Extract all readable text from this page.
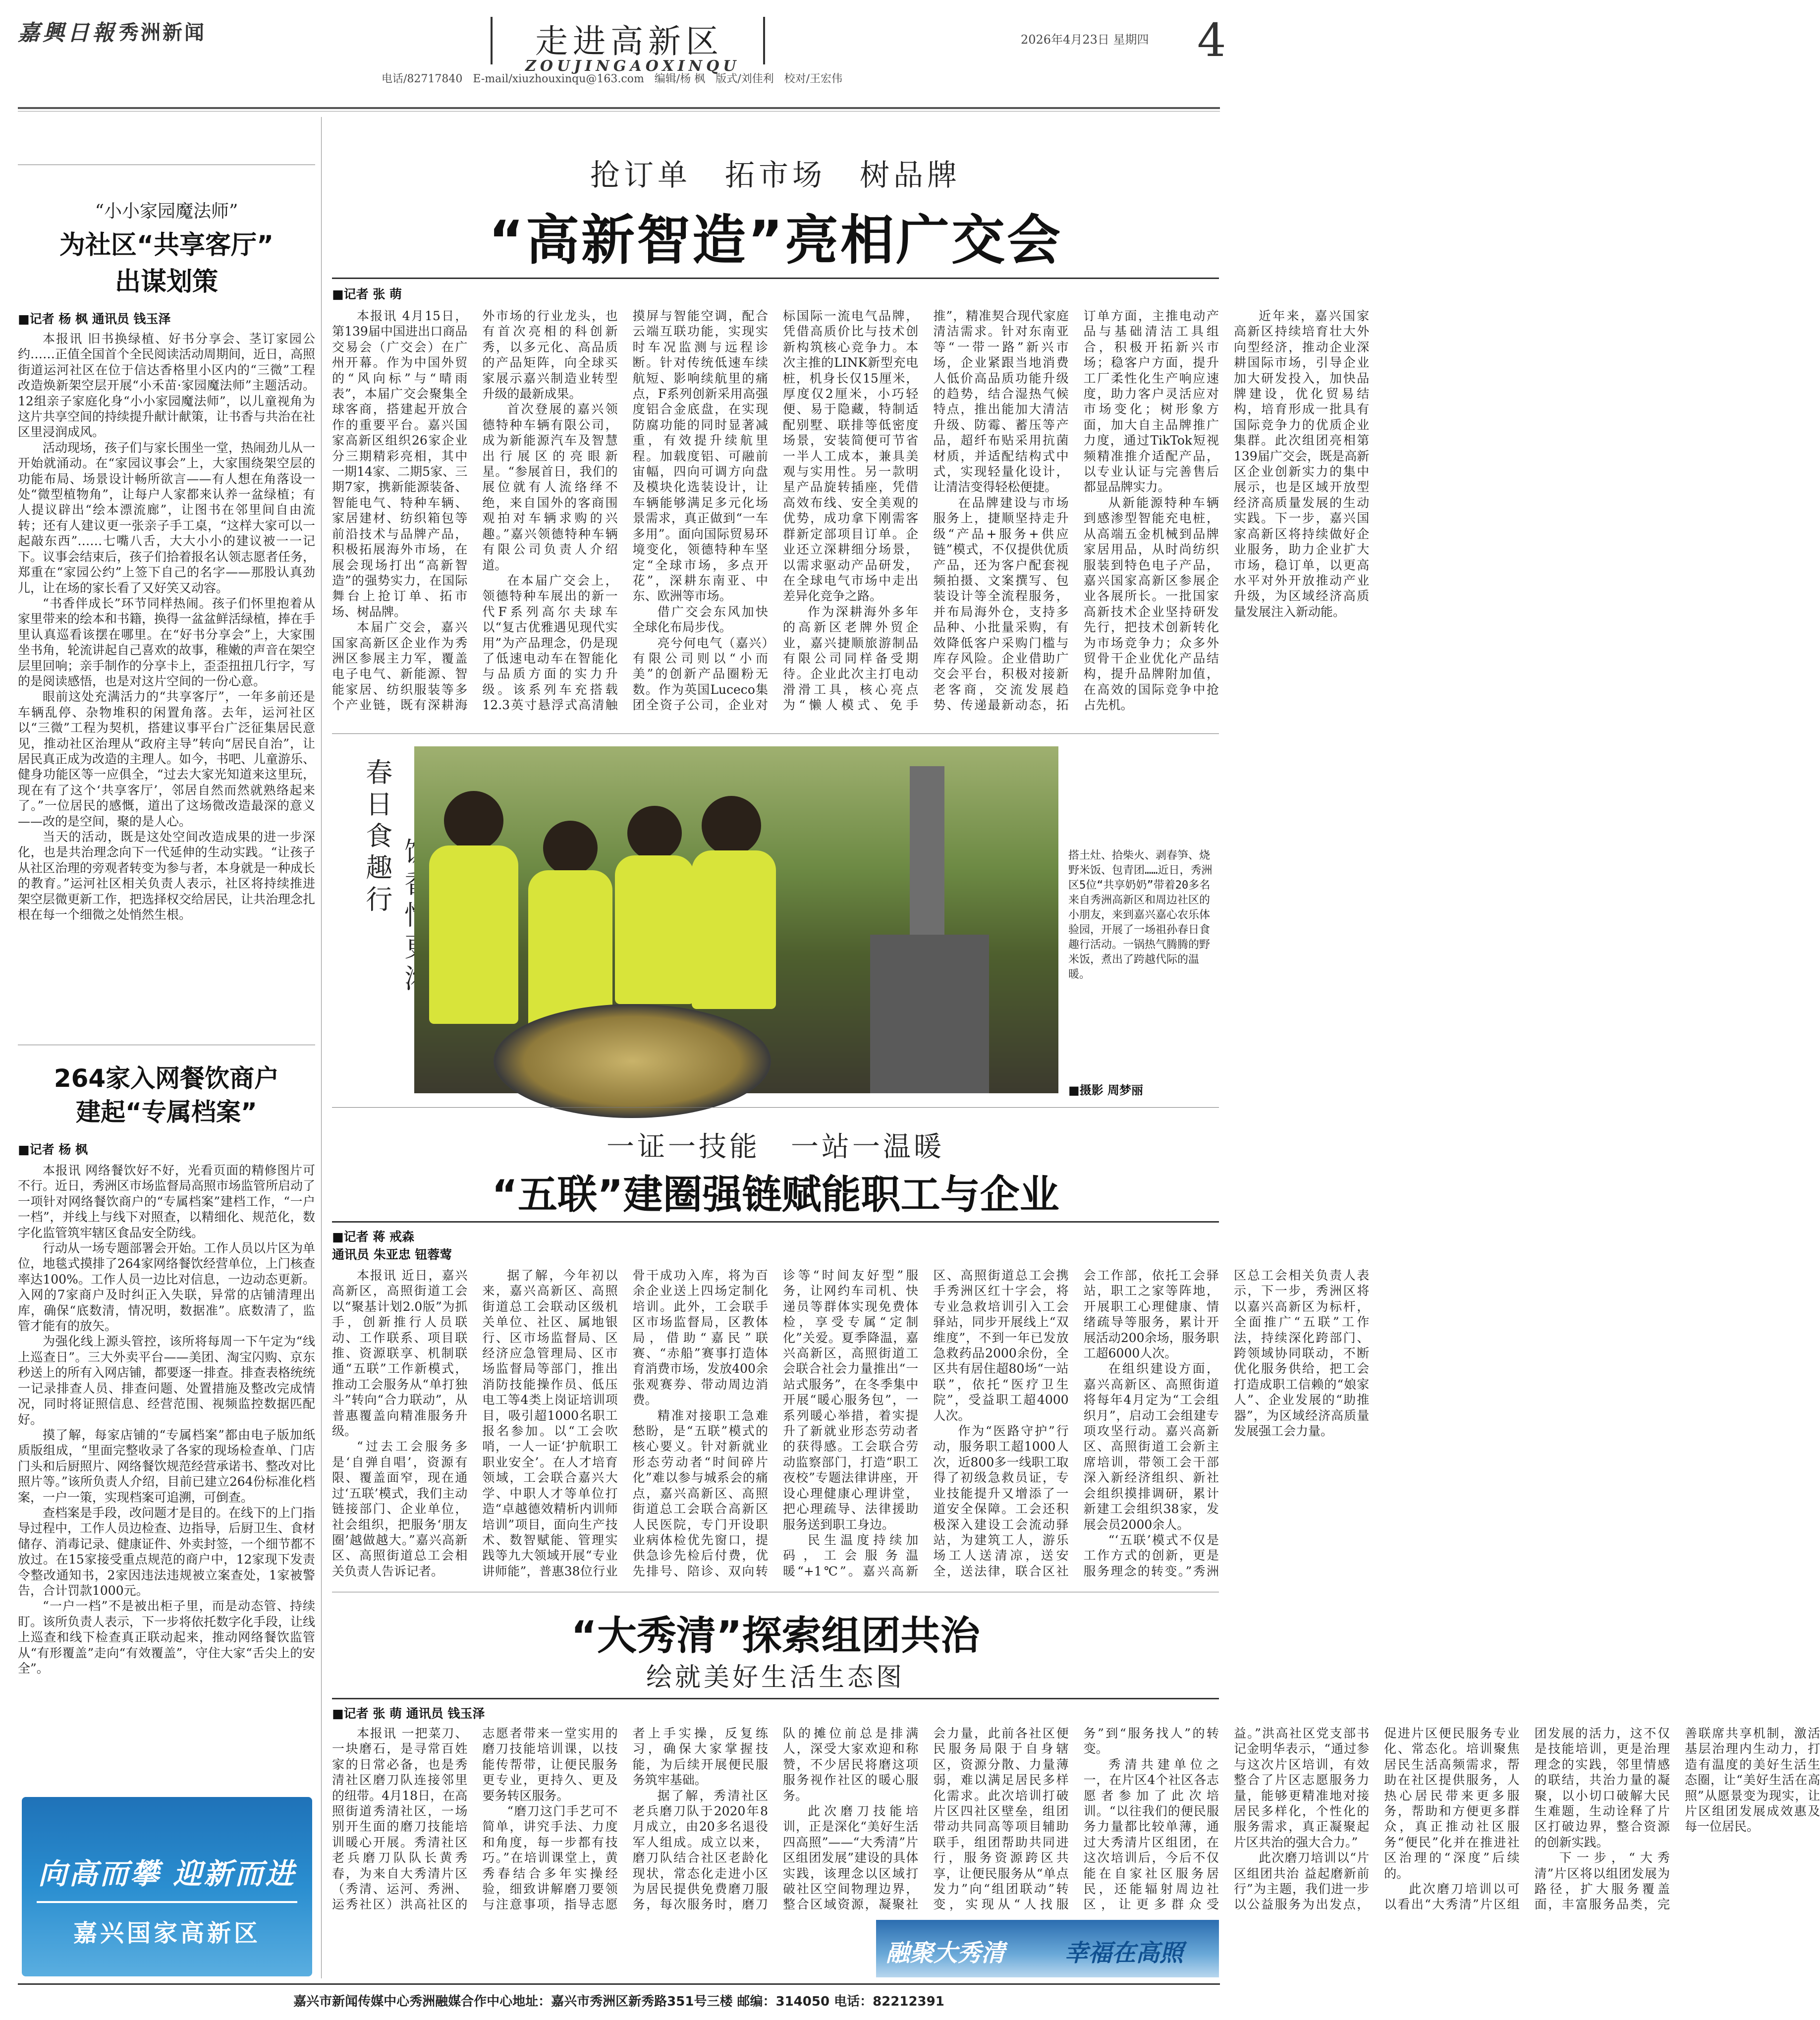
嘉興日報 秀洲新闻	走进高新区
ZOUJINGAOXINQU
电话/82717840 E-mail/xiuzhouxinqu@163.com 编辑/杨 枫 版式/刘佳利 校对/王宏伟
2026年4月23日 星期四 4
“小小家园魔法师”
为社区“共享客厅”
出谋划策
■记者 杨 枫 通讯员 钱玉泽

本报讯 旧书换绿植、好书分享会、茎订家园公约……正值全国首个全民阅读活动周期间，近日，高照街道运河社区在位于信达香格里小区内的“三微”工程改造焕新架空层开展“小禾苗·家园魔法师”主题活动。12组亲子家庭化身“小小家园魔法师”，以儿童视角为这片共享空间的持续提升献计献策，让书香与共治在社区里浸润成风。

活动现场，孩子们与家长围坐一堂，热闹劲儿从一开始就涌动。在“家园议事会”上，大家围绕架空层的功能布局、场景设计畅所欲言——有人想在角落设一处“微型植物角”，让每户人家都来认养一盆绿植；有人提议辟出“绘本漂流廊”，让图书在邻里间自由流转；还有人建议更一张亲子手工桌，“这样大家可以一起敲东西”……七嘴八舌，大大小小的建议被一一记下。议事会结束后，孩子们拾着报名认领志愿者任务，郑重在“家园公约”上签下自己的名字——那股认真劲儿，让在场的家长看了又好笑又动容。

“书香伴成长”环节同样热闹。孩子们怀里抱着从家里带来的绘本和书籍，换得一盆盆鲜活绿植，捧在手里认真巡看该摆在哪里。在“好书分享会”上，大家围坐书角，轮流讲起自己喜欢的故事，稚嫩的声音在架空层里回响；亲手制作的分享卡上，歪歪扭扭几行字，写的是阅读感悟，也是对这片空间的一份心意。

眼前这处充满活力的“共享客厅”，一年多前还是车辆乱停、杂物堆积的闲置角落。去年，运河社区以“三微”工程为契机，搭建议事平台广泛征集居民意见，推动社区治理从“政府主导”转向“居民自治”，让居民真正成为改造的主理人。如今，书吧、儿童游乐、健身功能区等一应俱全，“过去大家光知道来这里玩，现在有了这个‘共享客厅’，邻居自然而然就熟络起来了。”一位居民的感慨，道出了这场微改造最深的意义——改的是空间，聚的是人心。

当天的活动，既是这处空间改造成果的进一步深化，也是共治理念向下一代延伸的生动实践。“让孩子从社区治理的旁观者转变为参与者，本身就是一种成长的教育。”运河社区相关负责人表示，社区将持续推进架空层微更新工作，把选择权交给居民，让共治理念扎根在每一个细微之处悄然生根。

264家入网餐饮商户
建起“专属档案”
■记者 杨 枫

本报讯 网络餐饮好不好，光看页面的精修图片可不行。近日，秀洲区市场监督局高照市场监管所启动了一项针对网络餐饮商户的“专属档案”建档工作，“一户一档”，并线上与线下对照查，以精细化、规范化，数字化监管筑牢辖区食品安全防线。

行动从一场专题部署会开始。工作人员以片区为单位，地毯式摸排了264家网络餐饮经营单位，上门核查率达100%。工作人员一边比对信息，一边动态更新。入网的7家商户及时纠正入失联，异常的店铺清理出库，确保“底数清，情况明，数据准”。底数清了，监管才能有的放矢。

为强化线上源头管控，该所将每周一下午定为“线上巡查日”。三大外卖平台——美团、淘宝闪购、京东秒送上的所有入网店铺，都要逐一排查。排查表格统统一记录排查人员、排查问题、处置措施及整改完成情况，同时将证照信息、经营范围、视频监控数据匹配好。

摸了解，每家店铺的“专属档案”都由电子版加纸质版组成，“里面完整收录了各家的现场检查单、门店门头和后厨照片、网络餐饮规范经营承诺书、整改对比照片等。”该所负责人介绍，目前已建立264份标准化档案，一户一策，实现档案可追溯，可倒查。

查档案是手段，改问题才是目的。在线下的上门指导过程中，工作人员边检查、边指导，后厨卫生、食材储存、消毒记录、健康证件、外卖封签，一个细节都不放过。在15家接受重点规范的商户中，12家现下发责令整改通知书，2家因违法违规被立案查处，1家被警告，合计罚款1000元。

“一户一档”不是被出柜子里，而是动态管、持续盯。该所负责人表示，下一步将依托数字化手段，让线上巡查和线下检查真正联动起来，推动网络餐饮监管从“有形覆盖”走向“有效覆盖”，守住大家“舌尖上的安全”。

向高而攀 迎新而进
嘉兴国家高新区
抢订单　拓市场　树品牌
“高新智造”亮相广交会
■记者 张 萌

本报讯 4月15日，第139届中国进出口商品交易会（广交会）在广州开幕。作为中国外贸的“风向标”与“晴雨表”，本届广交会聚集全球客商，搭建起开放合作的重要平台。嘉兴国家高新区组织26家企业分三期精彩亮相，其中一期14家、二期5家、三期7家，携新能源装备、智能电气、特种车辆、家居建材、纺织箱包等前沿技术与品牌产品，积极拓展海外市场，在展会现场打出“高新智造”的强势实力，在国际舞台上抢订单、拓市场、树品牌。

本届广交会，嘉兴国家高新区企业作为秀洲区参展主力军，覆盖电子电气、新能源、智能家居、纺织服装等多个产业链，既有深耕海外市场的行业龙头，也有首次亮相的科创新秀，以多元化、高品质的产品矩阵，向全球买家展示嘉兴制造业转型升级的最新成果。

首次登展的嘉兴领德特种车辆有限公司，成为新能源汽车及智慧出行展区的亮眼新星。“参展首日，我们的展位就有人流络绎不绝，来自国外的客商围观拍对车辆求购的兴趣。”嘉兴领德特种车辆有限公司负责人介绍道。

在本届广交会上，领德特种车展出的新一代F系列高尔夫球车以“复古优雅遇见现代实用”为产品理念，仍是现了低速电动车在智能化与品质方面的实力升级。该系列车充搭载12.3英寸悬浮式高清触摸屏与智能空调，配合云端互联功能，实现实时车况监测与远程诊断。针对传统低速车续航短、影响续航里的痛点，F系列创新采用高强度铝合金底盘，在实现防腐功能的同时显著减重，有效提升续航里程。加载度铝、可融前宙幅，四向可调方向盘及模块化选装设计，让车辆能够满足多元化场景需求，真正做到“一车多用”。面向国际贸易环境变化，领德特种车坚定“全球市场，多点开花”，深耕东南亚、中东、欧洲等市场。

借广交会东风加快全球化布局步伐。

亮兮何电气（嘉兴）有限公司则以“小而美”的创新产品圈粉无数。作为英国Luceco集团全资子公司，企业对标国际一流电气品牌，凭借高质价比与技术创新构筑核心竞争力。本次主推的LINK新型充电桩，机身长仅15厘米，厚度仅2厘米，小巧轻便、易于隐藏，特制适配别墅、联排等低密度场景，安装简便可节省一半人工成本，兼具美观与实用性。另一款明星产品旋转插座，凭借高效布线、安全美观的优势，成功拿下刚需客群新定部项目订单。企业还立深耕细分场景，以需求驱动产品研发，在全球电气市场中走出差异化竞争之路。

作为深耕海外多年的高新区老牌外贸企业，嘉兴捷顺旅游制品有限公司同样备受期待。企业此次主打电动滑滑工具，核心亮点为“懒人模式、免手推”，精准契合现代家庭清洁需求。针对东南亚等“一带一路”新兴市场，企业紧跟当地消费人低价高品质功能升级的趋势，结合湿热气候特点，推出能加大清洁升级、防霉、蓄压等产品，超纤布贴采用抗菌材质，并适配结构式中式，实现轻量化设计，让清洁变得轻松便捷。

在品牌建设与市场服务上，捷顺坚持走升级“产品+服务+供应链”模式，不仅提供优质产品，还为客户配套视频拍摄、文案撰写、包装设计等全流程服务，并布局海外仓，支持多品种、小批量采购，有效降低客户采购门槛与库存风险。企业借助广交会平台，积极对接新老客商，交流发展趋势、传递最新动态，拓订单方面，主推电动产品与基础清洁工具组合，积极开拓新兴市场；稳客户方面，提升工厂柔性化生产响应速度，助力客户灵活应对市场变化；树形象方面，加大自主品牌推广力度，通过TikTok短视频精准推介适配产品，以专业认证与完善售后都显品牌实力。

从新能源特种车辆到感渗型智能充电桩，从高端五金机械到品牌家居用品，从时尚纺织服装到特色电子产品，嘉兴国家高新区参展企业各展所长。一批国家高新技术企业坚持研发先行，把技术创新转化为市场竞争力；众多外贸骨干企业优化产品结构，提升品牌附加值，在高效的国际竞争中抢占先机。

近年来，嘉兴国家高新区持续培育壮大外向型经济，推动企业深耕国际市场，引导企业加大研发投入，加快品牌建设，优化贸易结构，培育形成一批具有国际竞争力的优质企业集群。此次组团亮相第139届广交会，既是高新区企业创新实力的集中展示，也是区域开放型经济高质量发展的生动实践。下一步，嘉兴国家高新区将持续做好企业服务，助力企业扩大市场，稳订单，以更高水平对外开放推动产业升级，为区域经济高质量发展注入新动能。

春日食趣行	搭土灶、拾柴火、剥春笋、烧野米饭、包青团……近日，秀洲区5位“共享奶奶”带着20多名来自秀洲高新区和周边社区的小朋友，来到嘉兴嘉心农乐体验园，开展了一场祖孙春日食趣行活动。一锅热气腾腾的野米饭，煮出了跨越代际的温暖。
■摄影 周梦丽
一证一技能　一站一温暖
“五联”建圈强链赋能职工与企业
■记者 蒋 戒森
通讯员 朱亚忠 钮蓉莺

本报讯 近日，嘉兴高新区，高照街道工会以“聚基计划2.0版”为抓手，创新推行人员联动、工作联系、项目联推、资源联享、机制联通“五联”工作新模式，推动工会服务从“单打独斗”转向“合力联动”，从普惠覆盖向精准服务升级。

“过去工会服务多是‘自弹自唱’，资源有限、覆盖面窄，现在通过‘五联’模式，我们主动链接部门、企业单位，社会组织，把服务‘朋友圈’越做越大。”嘉兴高新区、高照街道总工会相关负责人告诉记者。

据了解，今年初以来，嘉兴高新区、高照街道总工会联动区级机关单位、社区、属地银行、区市场监督局、区经济应急管理局、区市场监督局等部门，推出消防技能操作员、低压电工等4类上岗证培训项目，吸引超1000名职工报名参加。以“工会吹哨，一人一证‘护航职工职业安全’。在人才培育领域，工会联合嘉兴大学、中职人才等单位打造“卓越德效精析内训师培训”项目，面向生产技术、数智赋能、管理实践等九大领域开展“专业讲师能”，普惠38位行业骨干成功入库，将为百余企业送上四场定制化培训。此外，工会联手区市场监督局，区教体局，借助“嘉民”联赛、“赤船”赛事打造体育消费市场，发放400余张观赛券、带动周边消费。

精准对接职工急难愁盼，是“五联”模式的核心要义。针对新就业形态劳动者“时间碎片化”难以参与城系会的痛点，嘉兴高新区、高照街道总工会联合高新区人民医院，专门开设职业病体检优先窗口，提供急诊先检后付费，优先排号、陪诊、双向转诊等“时间友好型”服务，让网约车司机、快递员等群体实现免费体检，享受专属“定制化”关爱。夏季降温，嘉兴高新区，高照街道工会联合社会力量推出“一站式服务”，在冬季集中开展“暖心服务包”，一系列暖心举措，着实提升了新就业形态劳动者的获得感。工会联合劳动监察部门，打造“职工夜校”专题法律讲座，开设心理健康心理讲堂，把心理疏导、法律援助服务送到职工身边。

民生温度持续加码，工会服务温暖“+1℃”。嘉兴高新区、高照街道总工会携手秀洲区红十字会，将专业急救培训引入工会驿站，同步开展线上“双维度”，不到一年已发放急救药品2000余份，全区共有居住超80场“一站联”，依托“医疗卫生院”，受益职工超4000人次。

作为“医路守护”行动，服务职工超1000人次，近800多一线职工取得了初级急救员证，专业技能提升又增添了一道安全保障。工会还积极深入建设工会流动驿站，为建筑工人，游乐场工人送清凉，送安全，送法律，联合区社会工作部，依托工会驿站，职工之家等阵地，开展职工心理健康、情绪疏导等服务，累计开展活动200余场，服务职工超6000人次。

在组织建设方面，嘉兴高新区、高照街道将每年4月定为“工会组织月”，启动工会组建专项攻坚行动。嘉兴高新区、高照街道工会新主席培训，带领工会干部深入新经济组织、新社会组织摸排调研，累计新建工会组织38家，发展会员2000余人。

“‘五联’模式不仅是工作方式的创新，更是服务理念的转变。”秀洲区总工会相关负责人表示，下一步，秀洲区将以嘉兴高新区为标杆，全面推广“五联”工作法，持续深化跨部门、跨领域协同联动，不断优化服务供给，把工会打造成职工信赖的“娘家人”、企业发展的“助推器”，为区域经济高质量发展强工会力量。

“大秀清”探索组团共治
绘就美好生活生态图
■记者 张 萌 通讯员 钱玉泽

本报讯 一把菜刀、一块磨石，是寻常百姓家的日常必备，也是秀清社区磨刀队连接邻里的纽带。4月18日，在高照街道秀清社区，一场别开生面的磨刀技能培训暖心开展。秀清社区老兵磨刀队队长黄秀春，为来自大秀清片区（秀清、运河、秀洲、运秀社区）洪高社区的志愿者带来一堂实用的磨刀技能培训课，以技能传帮带，让便民服务更专业，更持久、更及要务转区服务。

“磨刀这门手艺可不简单，讲究手法、力度和角度，每一步都有技巧。”在培训课堂上，黄秀春结合多年实操经验，细致讲解磨刀要领与注意事项，指导志愿者上手实操，反复练习，确保大家掌握技能，为后续开展便民服务筑牢基础。

据了解，秀清社区老兵磨刀队于2020年8月成立，由20多名退役军人组成。成立以来，磨刀队结合社区老龄化现状，常态化走进小区为居民提供免费磨刀服务，每次服务时，磨刀队的摊位前总是排满人，深受大家欢迎和称赞，不少居民将磨这项服务视作社区的暖心服务。

此次磨刀技能培训，正是深化“美好生活四高照”——“大秀清”片区组团发展”建设的具体实践，该理念以区域打破社区空间物理边界，整合区域资源，凝聚社会力量，此前各社区便民服务局限于自身辖区，资源分散、力量薄弱，难以满足居民多样化需求。此次培训打破片区四社区壁垒，组团带动共同高等项目辅助联手，组团帮助共同进行，服务资源跨区共享，让便民服务从“单点发力”向“组团联动”转变，实现从“人找服务”到“服务找人”的转变。

秀清共建单位之一，在片区4个社区各志愿者参加了此次培训。“以往我们的便民服务力量都比较单薄，通过大秀清片区组团，在这次培训后，今后不仅能在自家社区服务居民，还能辐射周边社区，让更多群众受益。”洪高社区党支部书记金明华表示，“通过参与这次片区培训，有效整合了片区志愿服务力量，能够更精准地对接居民多样化，个性化的服务需求，真正凝聚起片区共治的强大合力。”

此次磨刀培训以“片区组团共治 益起磨新前行”为主题，我们进一步以公益服务为出发点，促进片区便民服务专业化、常态化。培训聚焦居民生活高频需求，帮助在社区提供服务，人热心居民带来更多服务，帮助和方便更多群众，真正推动社区服务“便民”化并在推进社区治理的“深度”后续的。

此次磨刀培训以可以看出“大秀清”片区组团发展的活力，这不仅是技能培训，更是治理理念的实践，邻里情感的联结，共治力量的凝聚，以小切口破解大民生难题，生动诠释了片区打破边界，整合资源的创新实践。

下一步，“大秀清”片区将以组团发展为路径，扩大服务覆盖面，丰富服务品类，完善联席共享机制，激活基层治理内生动力，打造有温度的美好生活生态圈，让“美好生活在高照”从愿景变为现实，让片区组团发展成效惠及每一位居民。

融聚大秀清 幸福在高照
嘉兴市新闻传媒中心秀洲融媒合作中心地址：嘉兴市秀洲区新秀路351号三楼 邮编：314050 电话：82212391
